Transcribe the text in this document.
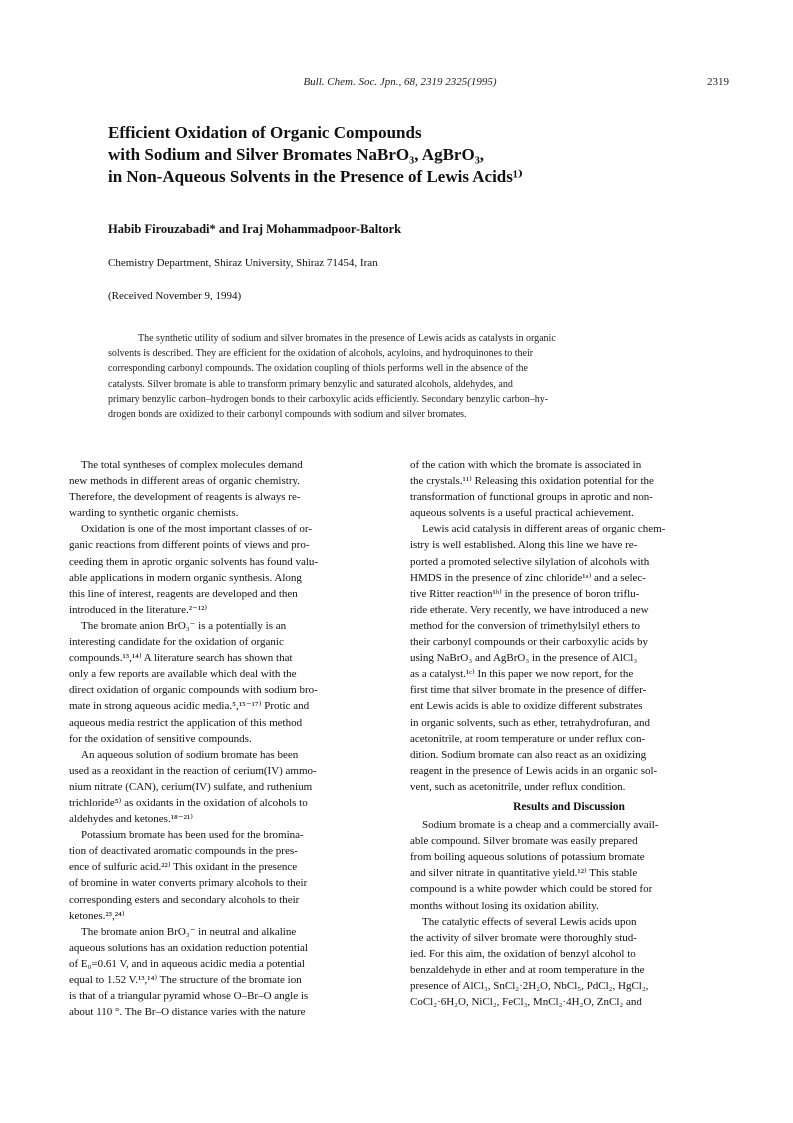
Bull. Chem. Soc. Jpn., 68, 2319 2325(1995)	2319
Efficient Oxidation of Organic Compounds
with Sodium and Silver Bromates NaBrO₃, AgBrO₃,
in Non-Aqueous Solvents in the Presence of Lewis Acids¹⁾
Habib Firouzabadi* and Iraj Mohammadpoor-Baltork
Chemistry Department, Shiraz University, Shiraz 71454, Iran
(Received November 9, 1994)
The synthetic utility of sodium and silver bromates in the presence of Lewis acids as catalysts in organic
solvents is described. They are efficient for the oxidation of alcohols, acyloins, and hydroquinones to their
corresponding carbonyl compounds. The oxidation coupling of thiols performs well in the absence of the
catalysts. Silver bromate is able to transform primary benzylic and saturated alcohols, aldehydes, and
primary benzylic carbon–hydrogen bonds to their carboxylic acids efficiently. Secondary benzylic carbon–hy-
drogen bonds are oxidized to their carbonyl compounds with sodium and silver bromates.
The total syntheses of complex molecules demand
new methods in different areas of organic chemistry.
Therefore, the development of reagents is always re-
warding to synthetic organic chemists.
Oxidation is one of the most important classes of or-
ganic reactions from different points of views and pro-
ceeding them in aprotic organic solvents has found valu-
able applications in modern organic synthesis. Along
this line of interest, reagents are developed and then
introduced in the literature.²⁻¹²⁾
The bromate anion BrO₃⁻ is a potentially is an
interesting candidate for the oxidation of organic
compounds.¹³,¹⁴⁾ A literature search has shown that
only a few reports are available which deal with the
direct oxidation of organic compounds with sodium bro-
mate in strong aqueous acidic media.⁵,¹⁵⁻¹⁷⁾ Protic and
aqueous media restrict the application of this method
for the oxidation of sensitive compounds.
An aqueous solution of sodium bromate has been
used as a reoxidant in the reaction of cerium(IV) ammo-
nium nitrate (CAN), cerium(IV) sulfate, and ruthenium
trichloride⁵⁾ as oxidants in the oxidation of alcohols to
aldehydes and ketones.¹⁸⁻²¹⁾
Potassium bromate has been used for the bromina-
tion of deactivated aromatic compounds in the pres-
ence of sulfuric acid.²²⁾ This oxidant in the presence
of bromine in water converts primary alcohols to their
corresponding esters and secondary alcohols to their
ketones.²³,²⁴⁾
The bromate anion BrO₃⁻ in neutral and alkaline
aqueous solutions has an oxidation reduction potential
of E₀=0.61 V, and in aqueous acidic media a potential
equal to 1.52 V.¹³,¹⁴⁾ The structure of the bromate ion
is that of a triangular pyramid whose O–Br–O angle is
about 110 °. The Br–O distance varies with the nature
of the cation with which the bromate is associated in
the crystals.¹¹⁾ Releasing this oxidation potential for the
transformation of functional groups in aprotic and non-
aqueous solvents is a useful practical achievement.
Lewis acid catalysis in different areas of organic chem-
istry is well established. Along this line we have re-
ported a promoted selective silylation of alcohols with
HMDS in the presence of zinc chloride¹ᵃ⁾ and a selec-
tive Ritter reaction¹ᵇ⁾ in the presence of boron triflu-
ride etherate. Very recently, we have introduced a new
method for the conversion of trimethylsilyl ethers to
their carbonyl compounds or their carboxylic acids by
using NaBrO₃ and AgBrO₃ in the presence of AlCl₃
as a catalyst.¹ᶜ⁾ In this paper we now report, for the
first time that silver bromate in the presence of differ-
ent Lewis acids is able to oxidize different substrates
in organic solvents, such as ether, tetrahydrofuran, and
acetonitrile, at room temperature or under reflux con-
dition. Sodium bromate can also react as an oxidizing
reagent in the presence of Lewis acids in an organic sol-
vent, such as acetonitrile, under reflux condition.
Results and Discussion
Sodium bromate is a cheap and a commercially avail-
able compound. Silver bromate was easily prepared
from boiling aqueous solutions of potassium bromate
and silver nitrate in quantitative yield.¹²⁾ This stable
compound is a white powder which could be stored for
months without losing its oxidation ability.
The catalytic effects of several Lewis acids upon
the activity of silver bromate were thoroughly stud-
ied. For this aim, the oxidation of benzyl alcohol to
benzaldehyde in ether and at room temperature in the
presence of AlCl₃, SnCl₂·2H₂O, NbCl₅, PdCl₂, HgCl₂,
CoCl₂·6H₂O, NiCl₂, FeCl₃, MnCl₂·4H₂O, ZnCl₂ and
